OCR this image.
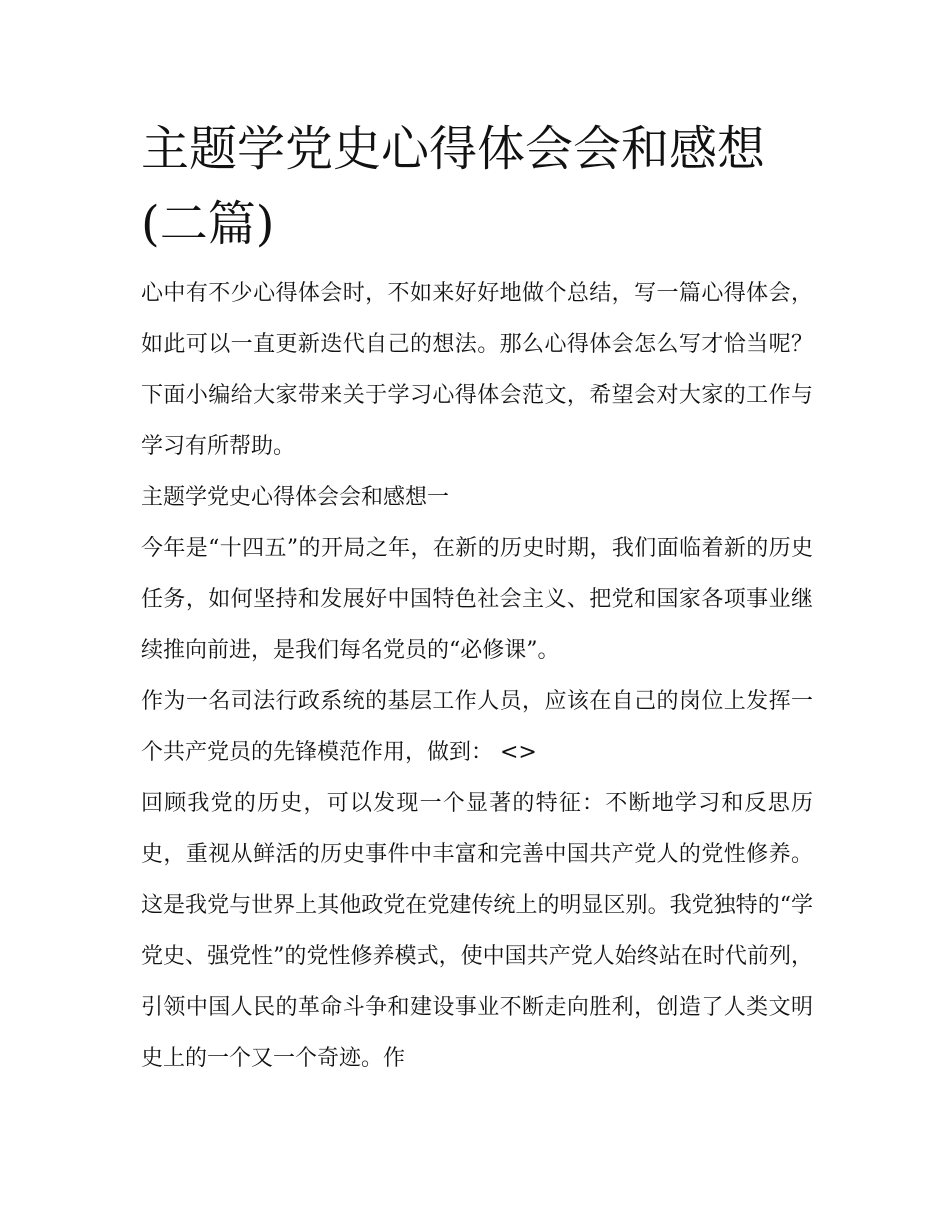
主题学党史心得体会会和感想(二篇)

心中有不少心得体会时，不如来好好地做个总结，写一篇心得体会，如此可以一直更新迭代自己的想法。那么心得体会怎么写才恰当呢？下面小编给大家带来关于学习心得体会范文，希望会对大家的工作与学习有所帮助。

主题学党史心得体会会和感想一

今年是“十四五”的开局之年，在新的历史时期，我们面临着新的历史任务，如何坚持和发展好中国特色社会主义、把党和国家各项事业继续推向前进，是我们每名党员的“必修课”。

作为一名司法行政系统的基层工作人员，应该在自己的岗位上发挥一个共产党员的先锋模范作用，做到： <>

回顾我党的历史，可以发现一个显著的特征：不断地学习和反思历史，重视从鲜活的历史事件中丰富和完善中国共产党人的党性修养。这是我党与世界上其他政党在党建传统上的明显区别。我党独特的“学党史、强党性”的党性修养模式，使中国共产党人始终站在时代前列，引领中国人民的革命斗争和建设事业不断走向胜利，创造了人类文明史上的一个又一个奇迹。作
